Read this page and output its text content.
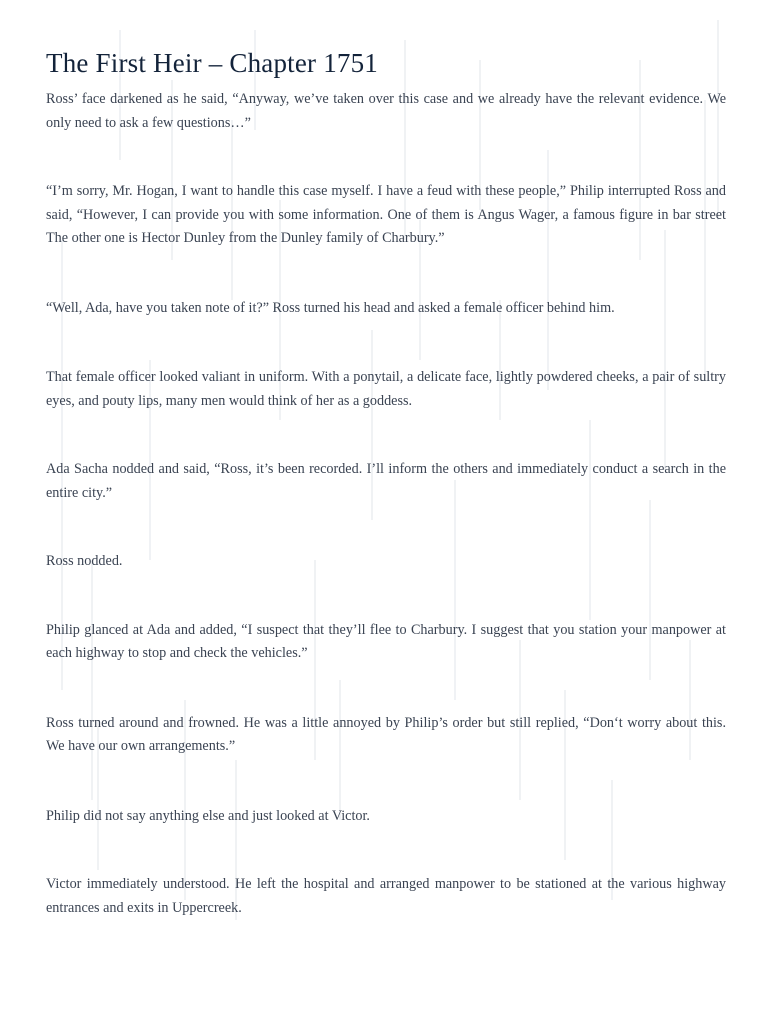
The First Heir – Chapter 1751

Ross’ face darkened as he said, “Anyway, we’ve taken over this case and we already have the relevant evidence. We only need to ask a few questions…”

“I’m sorry, Mr. Hogan, I want to handle this case myself. I have a feud with these people,” Philip interrupted Ross and said, “However, I can provide you with some information. One of them is Angus Wager, a famous figure in bar street The other one is Hector Dunley from the Dunley family of Charbury.”

“Well, Ada, have you taken note of it?” Ross turned his head and asked a female officer behind him.

That female officer looked valiant in uniform. With a ponytail, a delicate face, lightly powdered cheeks, a pair of sultry eyes, and pouty lips, many men would think of her as a goddess.

Ada Sacha nodded and said, “Ross, it’s been recorded. I’ll inform the others and immediately conduct a search in the entire city.”

Ross nodded.

Philip glanced at Ada and added, “I suspect that they’ll flee to Charbury. I suggest that you station your manpower at each highway to stop and check the vehicles.”

Ross turned around and frowned. He was a little annoyed by Philip’s order but still replied, “Don‘t worry about this. We have our own arrangements.”

Philip did not say anything else and just looked at Victor.

Victor immediately understood. He left the hospital and arranged manpower to be stationed at the various highway entrances and exits in Uppercreek.
